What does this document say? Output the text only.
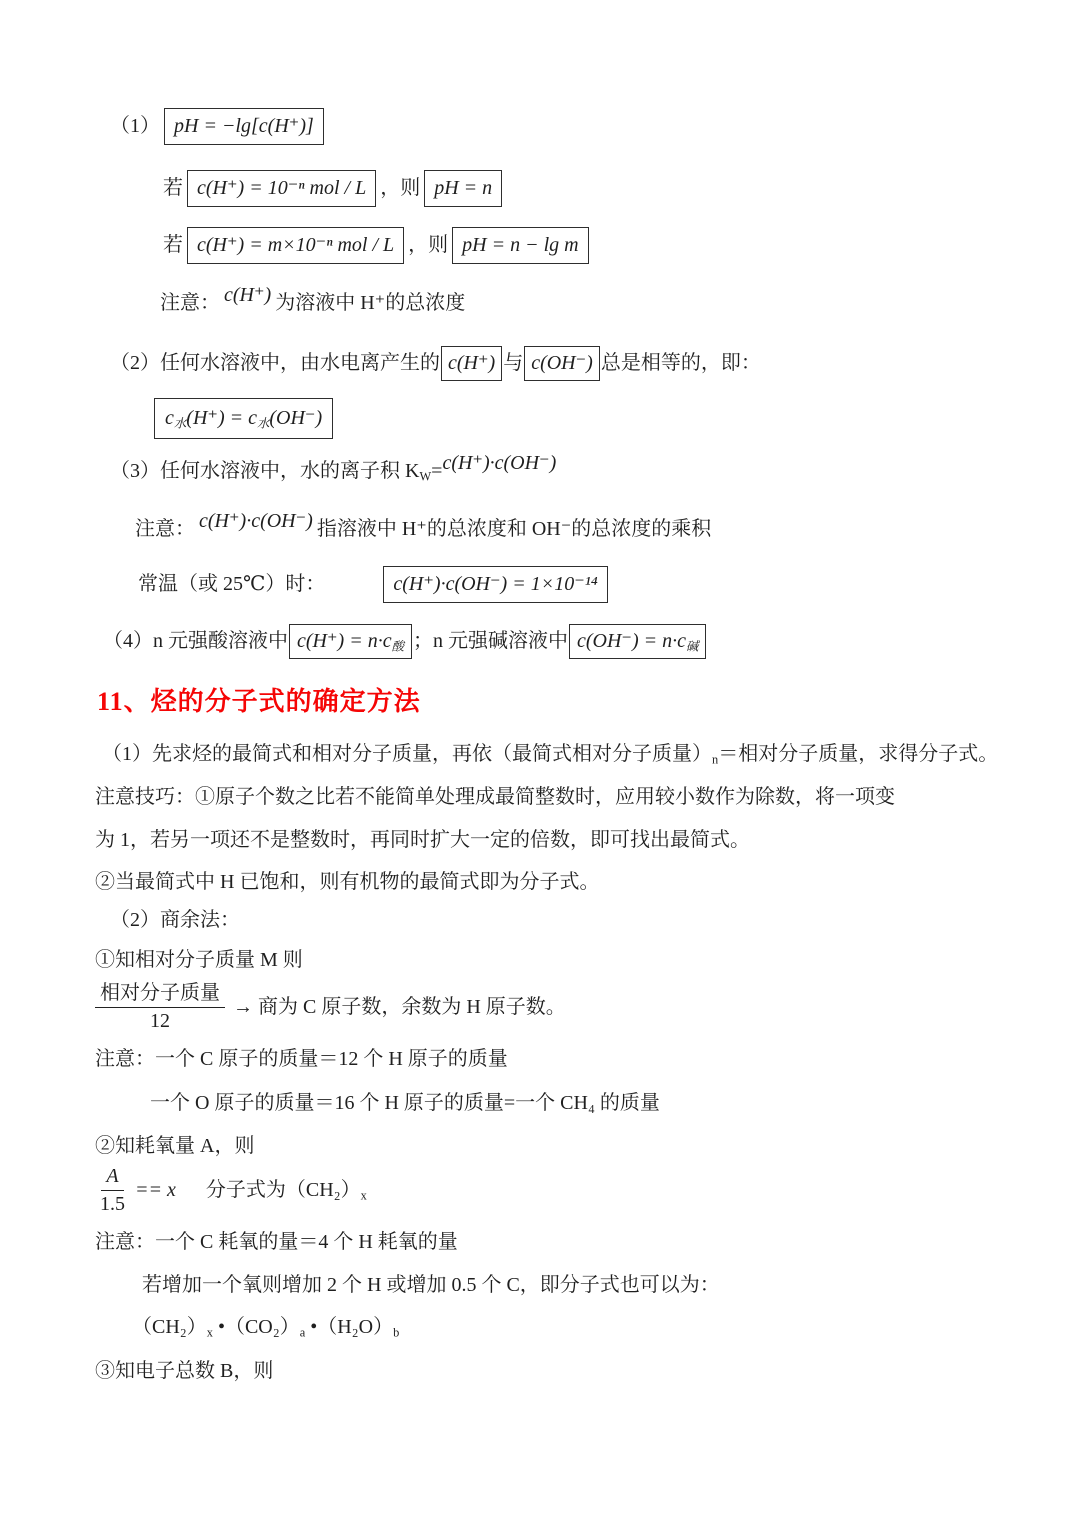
（1） pH = −lg[c(H⁺)]
若 c(H⁺) = 10⁻ⁿ mol / L ，则 pH = n
若 c(H⁺) = m×10⁻ⁿ mol / L ，则 pH = n − lg m
注意： c(H⁺) 为溶液中 H⁺的总浓度
（2）任何水溶液中，由水电离产生的 c(H⁺) 与 c(OH⁻) 总是相等的，即：
$c_水(H^+) = c_水(OH^-)$
（3）任何水溶液中，水的离子积 $K_W= c(H^+)\cdot c(OH^-)$
注意： c(H⁺)·c(OH⁻) 指溶液中 H⁺的总浓度和 OH⁻的总浓度的乘积
常温（或 25℃）时：	c(H⁺)·c(OH⁻) = 1×10⁻¹⁴
（4）n 元强酸溶液中 $c(H^+) = n\cdot c_酸$ ；n 元强碱溶液中 $c(OH^-) = n\cdot c_碱$
11、烃的分子式的确定方法
（1）先求烃的最简式和相对分子质量，再依（最简式相对分子质量）$_n=$相对分子质量，求得分子式。
注意技巧：①原子个数之比若不能简单处理成最简整数时，应用较小数作为除数，将一项变
为 1，若另一项还不是整数时，再同时扩大一定的倍数，即可找出最简式。
②当最简式中 H 已饱和，则有机物的最简式即为分子式。
（2）商余法：
①知相对分子质量 M 则
$\frac{\text{相对分子质量}}{12}$ → 商为 C 原子数，余数为 H 原子数。
注意：一个 C 原子的质量＝12 个 H 原子的质量
一个 O 原子的质量＝16 个 H 原子的质量=一个 CH₄ 的质量
②知耗氧量 A，则
$\frac{A}{1.5} == x$ 分子式为$(CH_2)_x$
注意：一个 C 耗氧的量＝4 个 H 耗氧的量
若增加一个氧则增加 2 个 H 或增加 0.5 个 C，即分子式也可以为：
$(CH_2)_x$ $•(CO_2)_a$ $•(H_2O)_b$
③知电子总数 B，则
